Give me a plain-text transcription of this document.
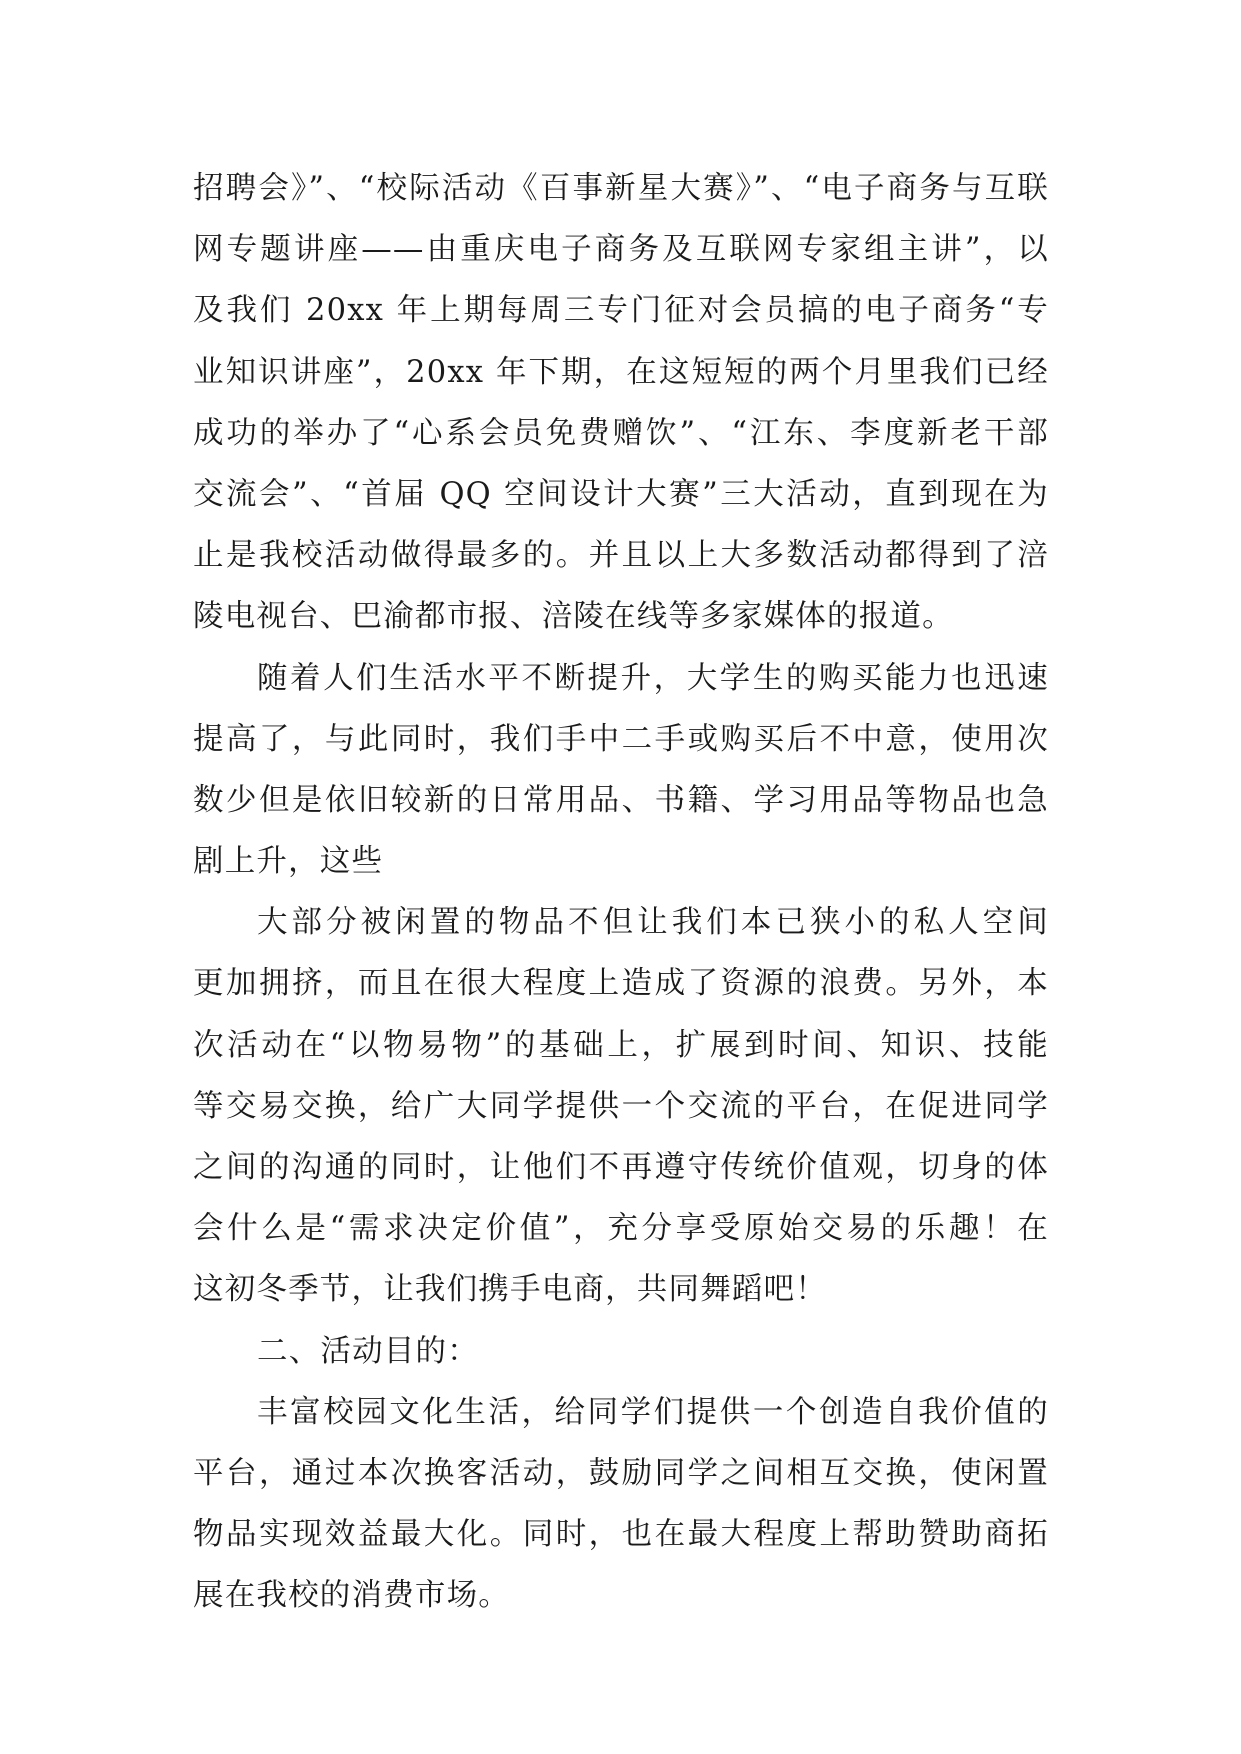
招聘会》”、“校际活动《百事新星大赛》”、“电子商务与互联
网专题讲座——由重庆电子商务及互联网专家组主讲”，以
及我们 20xx 年上期每周三专门征对会员搞的电子商务“专
业知识讲座”，20xx 年下期，在这短短的两个月里我们已经
成功的举办了“心系会员免费赠饮”、“江东、李度新老干部
交流会”、“首届 QQ 空间设计大赛”三大活动，直到现在为
止是我校活动做得最多的。并且以上大多数活动都得到了涪
陵电视台、巴渝都市报、涪陵在线等多家媒体的报道。
随着人们生活水平不断提升，大学生的购买能力也迅速
提高了，与此同时，我们手中二手或购买后不中意，使用次
数少但是依旧较新的日常用品、书籍、学习用品等物品也急
剧上升，这些
大部分被闲置的物品不但让我们本已狭小的私人空间
更加拥挤，而且在很大程度上造成了资源的浪费。另外，本
次活动在“以物易物”的基础上，扩展到时间、知识、技能
等交易交换，给广大同学提供一个交流的平台，在促进同学
之间的沟通的同时，让他们不再遵守传统价值观，切身的体
会什么是“需求决定价值”，充分享受原始交易的乐趣！在
这初冬季节，让我们携手电商，共同舞蹈吧！
二、活动目的：
丰富校园文化生活，给同学们提供一个创造自我价值的
平台，通过本次换客活动，鼓励同学之间相互交换，使闲置
物品实现效益最大化。同时，也在最大程度上帮助赞助商拓
展在我校的消费市场。
